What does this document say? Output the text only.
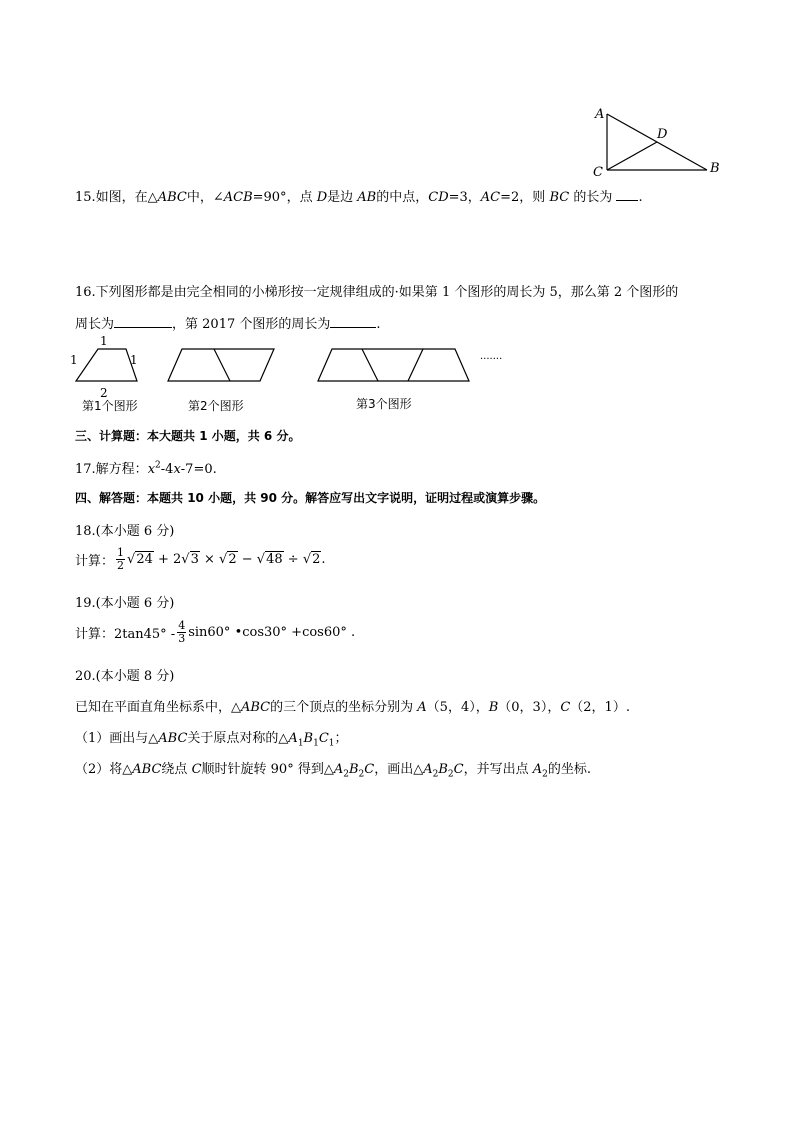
A
D
C	B
15.如图，在△ABC中，∠ACB=90°，点 D是边 AB的中点，CD=3，AC=2，则 BC 的长为 .
16.下列图形都是由完全相同的小梯形按一定规律组成的·如果第 1 个图形的周长为 5，那么第 2 个图形的
周长为	，第 2017 个图形的周长为	.
1
1	1
2
·······
第1个图形	第2个图形	第3个图形
三、计算题：本大题共 1 小题，共 6 分。
17.解方程：$x^2-4x-7=0$.
四、解答题：本题共 10 小题，共 90 分。解答应写出文字说明，证明过程或演算步骤。
18.(本小题 6 分)
计算： $\frac{1}{2} √24 + 2√3 \times √2 - √48 \div √2$.
19.(本小题 6 分)
计算：$2\tan 45^\circ - \frac{4}{3} \sin 60^\circ$ •cos30° +cos60° .
20.(本小题 8 分)
已知在平面直角坐标系中，△ABC的三个顶点的坐标分别为 A（5，4），B（0，3），C（2，1）.
（1）画出与△ABC关于原点对称的$\triangle A_1B_1C_1$；
（2）将△ABC绕点 C顺时针旋转 90° 得到$\triangle A_2B_2C$，画出$\triangle A_2B_2C$，并写出点 $A_2$的坐标.
